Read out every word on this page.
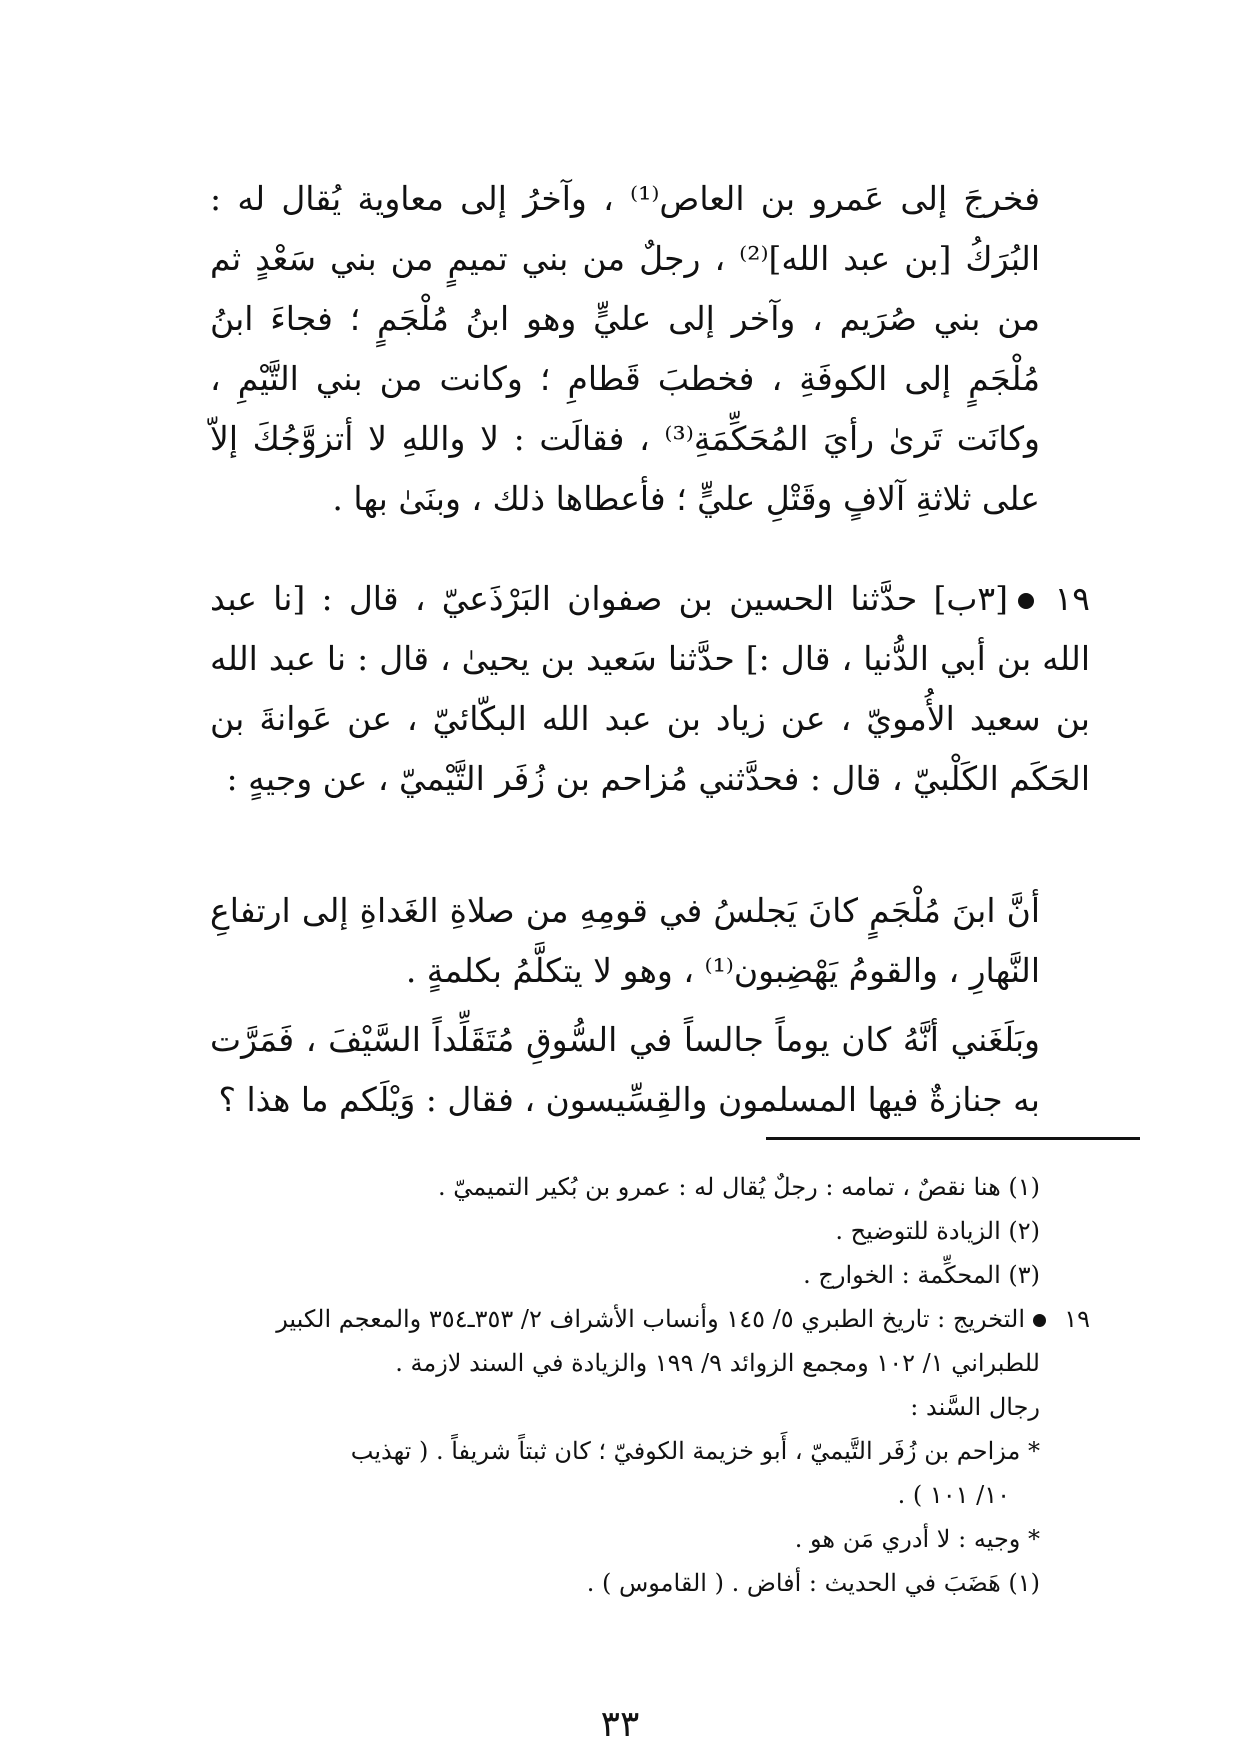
فخرجَ إلى عَمرو بن العاص⁽¹⁾ ، وآخرُ إلى معاوية يُقال له : البُرَكُ [بن عبد الله]⁽²⁾ ، رجلٌ من بني تميمٍ من بني سَعْدٍ ثم من بني صُرَيم ، وآخر إلى عليٍّ وهو ابنُ مُلْجَمٍ ؛ فجاءَ ابنُ مُلْجَمٍ إلى الكوفَةِ ، فخطبَ قَطامِ ؛ وكانت من بني التَّيْمِ ، وكانَت تَرىٰ رأيَ المُحَكِّمَةِ⁽³⁾ ، فقالَت : لا واللهِ لا أتزوَّجُكَ إلاّ على ثلاثةِ آلافٍ وقَتْلِ عليٍّ ؛ فأعطاها ذلك ، وبنَىٰ بها .

١٩[٣ب] حدَّثنا الحسين بن صفوان البَرْذَعيّ ، قال : [نا عبد الله بن أبي الدُّنيا ، قال :] حدَّثنا سَعيد بن يحيىٰ ، قال : نا عبد الله بن سعيد الأُمويّ ، عن زياد بن عبد الله البكّائيّ ، عن عَوانةَ بن الحَكَم الكَلْبيّ ، قال : فحدَّثني مُزاحم بن زُفَر التَّيْميّ ، عن وجيهٍ :

أنَّ ابنَ مُلْجَمٍ كانَ يَجلسُ في قومِهِ من صلاةِ الغَداةِ إلى ارتفاعِ النَّهارِ ، والقومُ يَهْضِبون⁽¹⁾ ، وهو لا يتكلَّمُ بكلمةٍ .

وبَلَغَني أنَّهُ كان يوماً جالساً في السُّوقِ مُتَقَلِّداً السَّيْفَ ، فَمَرَّت به جنازةٌ فيها المسلمون والقِسِّيسون ، فقال : وَيْلَكم ما هذا ؟

(١) هنا نقصٌ ، تمامه : رجلٌ يُقال له : عمرو بن بُكير التميميّ .

(٢) الزيادة للتوضيح .

(٣) المحكِّمة : الخوارج .

١٩التخريج : تاريخ الطبري ٥/ ١٤٥ وأنساب الأشراف ٢/ ٣٥٣ـ٣٥٤ والمعجم الكبير

للطبراني ١/ ١٠٢ ومجمع الزوائد ٩/ ١٩٩ والزيادة في السند لازمة .

رجال السَّند :

* مزاحم بن زُفَر التَّيميّ ، أَبو خزيمة الكوفيّ ؛ كان ثبتاً شريفاً . ( تهذيب

١٠/ ١٠١ ) .

* وجيه : لا أدري مَن هو .

(١) هَضَبَ في الحديث : أفاض . ( القاموس ) .

٣٣
